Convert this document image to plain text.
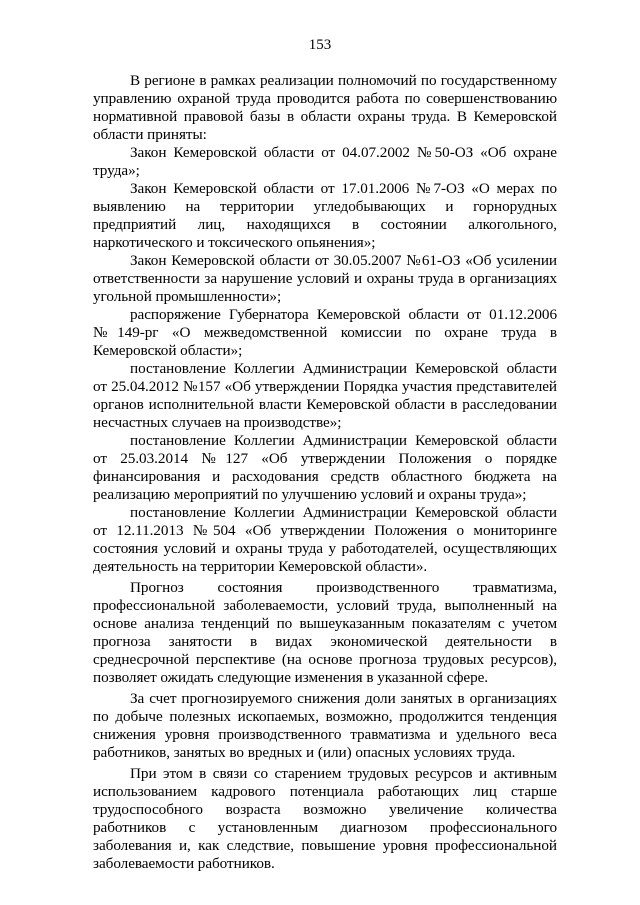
153

В регионе в рамках реализации полномочий по государственному управлению охраной труда проводится работа по совершенствованию нормативной правовой базы в области охраны труда. В Кемеровской области приняты:

Закон Кемеровской области от 04.07.2002 №50-ОЗ «Об охране труда»;

Закон Кемеровской области от 17.01.2006 №7-ОЗ «О мерах по выявлению на территории угледобывающих и горнорудных предприятий лиц, находящихся в состоянии алкогольного, наркотического и токсического опьянения»;

Закон Кемеровской области от 30.05.2007 №61-ОЗ «Об усилении ответственности за нарушение условий и охраны труда в организациях угольной промышленности»;

распоряжение Губернатора Кемеровской области от 01.12.2006 №149-рг «О межведомственной комиссии по охране труда в Кемеровской области»;

постановление Коллегии Администрации Кемеровской области от 25.04.2012 №157 «Об утверждении Порядка участия представителей органов исполнительной власти Кемеровской области в расследовании несчастных случаев на производстве»;

постановление Коллегии Администрации Кемеровской области от 25.03.2014 №127 «Об утверждении Положения о порядке финансирования и расходования средств областного бюджета на реализацию мероприятий по улучшению условий и охраны труда»;

постановление Коллегии Администрации Кемеровской области от 12.11.2013 №504 «Об утверждении Положения о мониторинге состояния условий и охраны труда у работодателей, осуществляющих деятельность на территории Кемеровской области».

Прогноз состояния производственного травматизма, профессиональной заболеваемости, условий труда, выполненный на основе анализа тенденций по вышеуказанным показателям с учетом прогноза занятости в видах экономической деятельности в среднесрочной перспективе (на основе прогноза трудовых ресурсов), позволяет ожидать следующие изменения в указанной сфере.

За счет прогнозируемого снижения доли занятых в организациях по добыче полезных ископаемых, возможно, продолжится тенденция снижения уровня производственного травматизма и удельного веса работников, занятых во вредных и (или) опасных условиях труда.

При этом в связи со старением трудовых ресурсов и активным использованием кадрового потенциала работающих лиц старше трудоспособного возраста возможно увеличение количества работников с установленным диагнозом профессионального заболевания и, как следствие, повышение уровня профессиональной заболеваемости работников.
